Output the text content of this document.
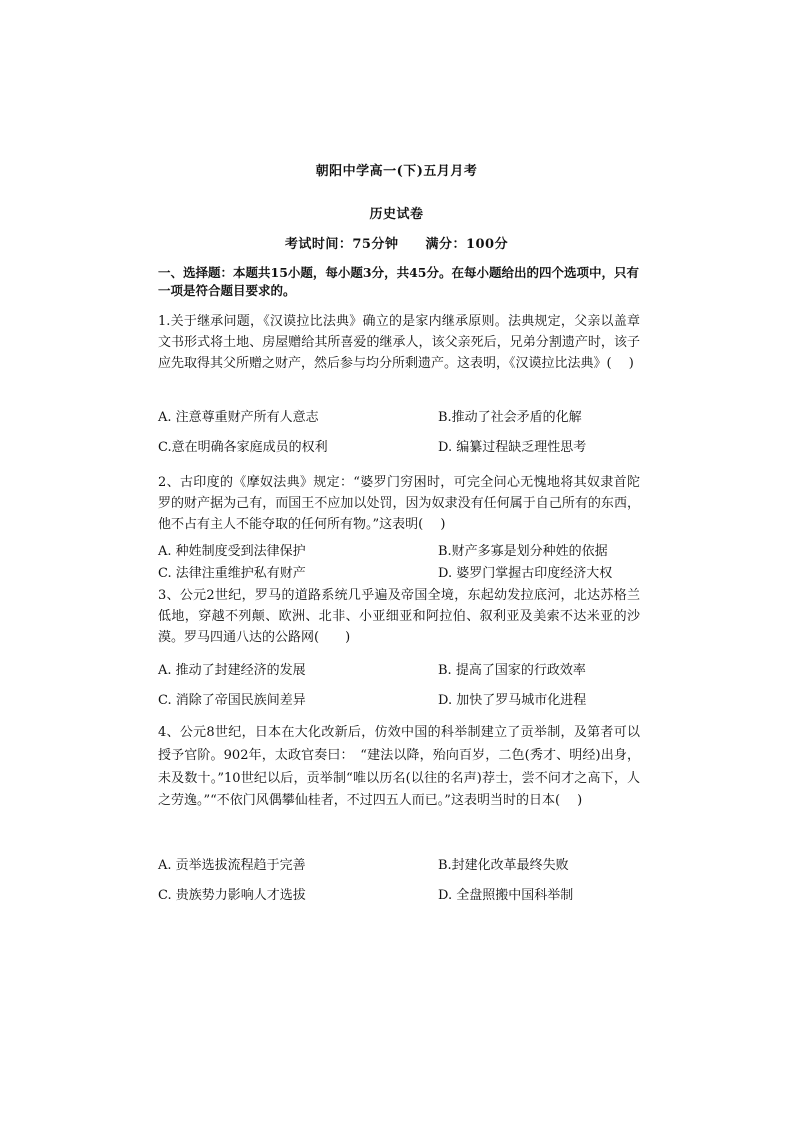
朝阳中学高一(下)五月月考
历史试卷
考试时间：75分钟　　满分：100分
一、选择题：本题共15小题，每小题3分，共45分。在每小题给出的四个选项中，只有一项是符合题目要求的。
1.关于继承问题，《汉谟拉比法典》确立的是家内继承原则。法典规定，父亲以盖章文书形式将土地、房屋赠给其所喜爱的继承人，该父亲死后，兄弟分割遗产时，该子应先取得其父所赠之财产，然后参与均分所剩遗产。这表明，《汉谟拉比法典》(　 )
A. 注意尊重财产所有人意志	B.推动了社会矛盾的化解
C.意在明确各家庭成员的权利	D. 编纂过程缺乏理性思考
2、古印度的《摩奴法典》规定：“婆罗门穷困时，可完全问心无愧地将其奴隶首陀罗的财产据为己有，而国王不应加以处罚，因为奴隶没有任何属于自己所有的东西，他不占有主人不能夺取的任何所有物。”这表明(　 )
A. 种姓制度受到法律保护	B.财产多寡是划分种姓的依据
C. 法律注重维护私有财产	D. 婆罗门掌握古印度经济大权
3、公元2世纪，罗马的道路系统几乎遍及帝国全境，东起幼发拉底河，北达苏格兰低地，穿越不列颠、欧洲、北非、小亚细亚和阿拉伯、叙利亚及美索不达米亚的沙漠。罗马四通八达的公路网(　　)
A. 推动了封建经济的发展	B. 提高了国家的行政效率
C. 消除了帝国民族间差异	D. 加快了罗马城市化进程
4、公元8世纪，日本在大化改新后，仿效中国的科举制建立了贡举制，及第者可以授予官阶。902年，太政官奏曰：　“建法以降，殆向百岁，二色(秀才、明经)出身，未及数十。”10世纪以后，贡举制“唯以历名(以往的名声)荐士，尝不问才之高下，人之劳逸。”“不依门风偶攀仙桂者，不过四五人而已。”这表明当时的日本(　 )
A. 贡举选拔流程趋于完善	B.封建化改革最终失败
C. 贵族势力影响人才选拔	D. 全盘照搬中国科举制
